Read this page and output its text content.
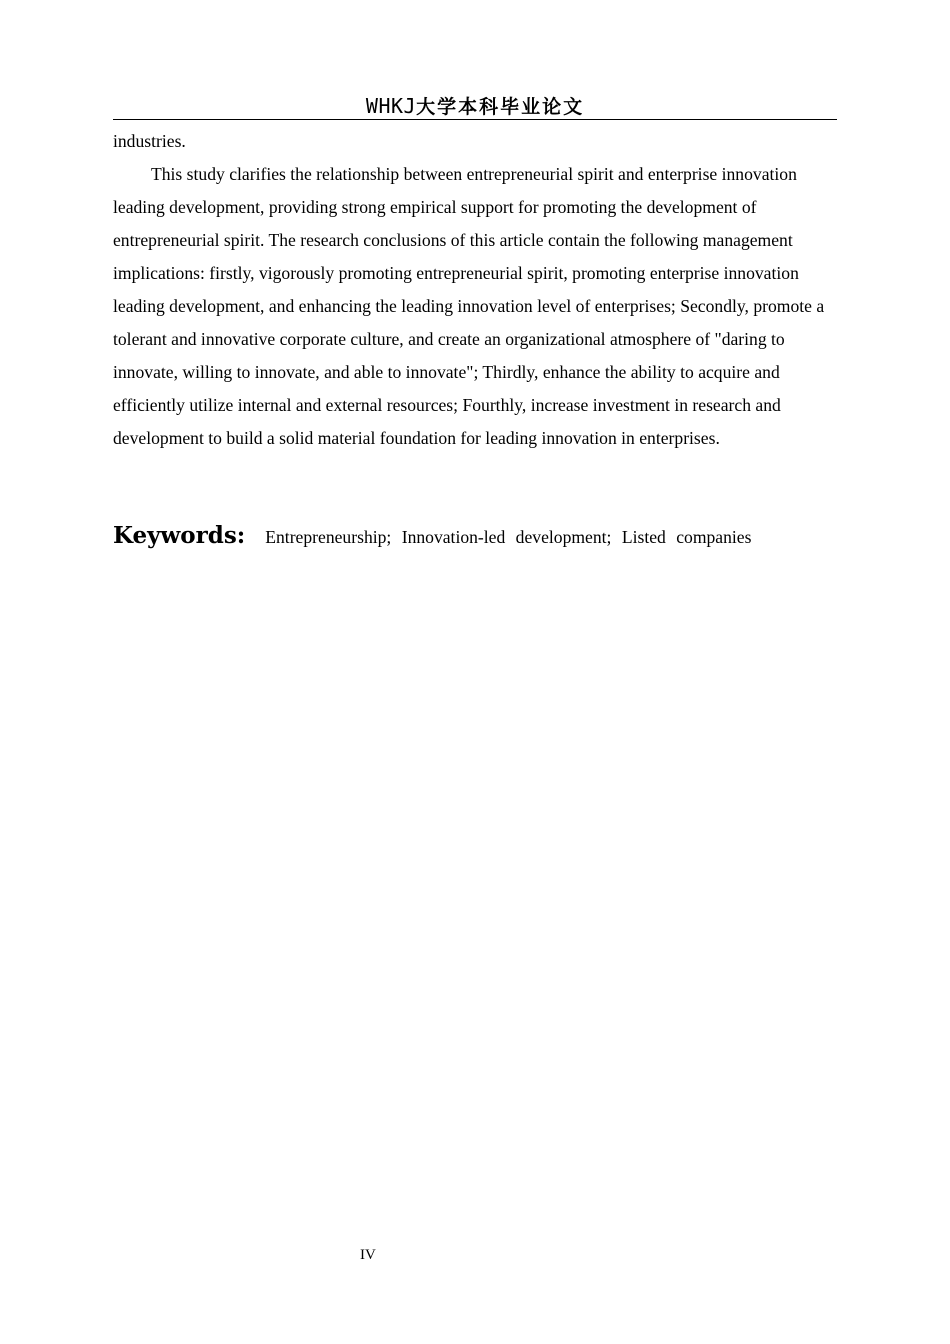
WHKJ大学本科毕业论文

industries.

This study clarifies the relationship between entrepreneurial spirit and enterprise innovation leading development, providing strong empirical support for promoting the development of entrepreneurial spirit. The research conclusions of this article contain the following management implications: firstly, vigorously promoting entrepreneurial spirit, promoting enterprise innovation leading development, and enhancing the leading innovation level of enterprises; Secondly, promote a tolerant and innovative corporate culture, and create an organizational atmosphere of "daring to innovate, willing to innovate, and able to innovate"; Thirdly, enhance the ability to acquire and efficiently utilize internal and external resources; Fourthly, increase investment in research and development to build a solid material foundation for leading innovation in enterprises.

Keywords: Entrepreneurship; Innovation-led development; Listed companies
IV
